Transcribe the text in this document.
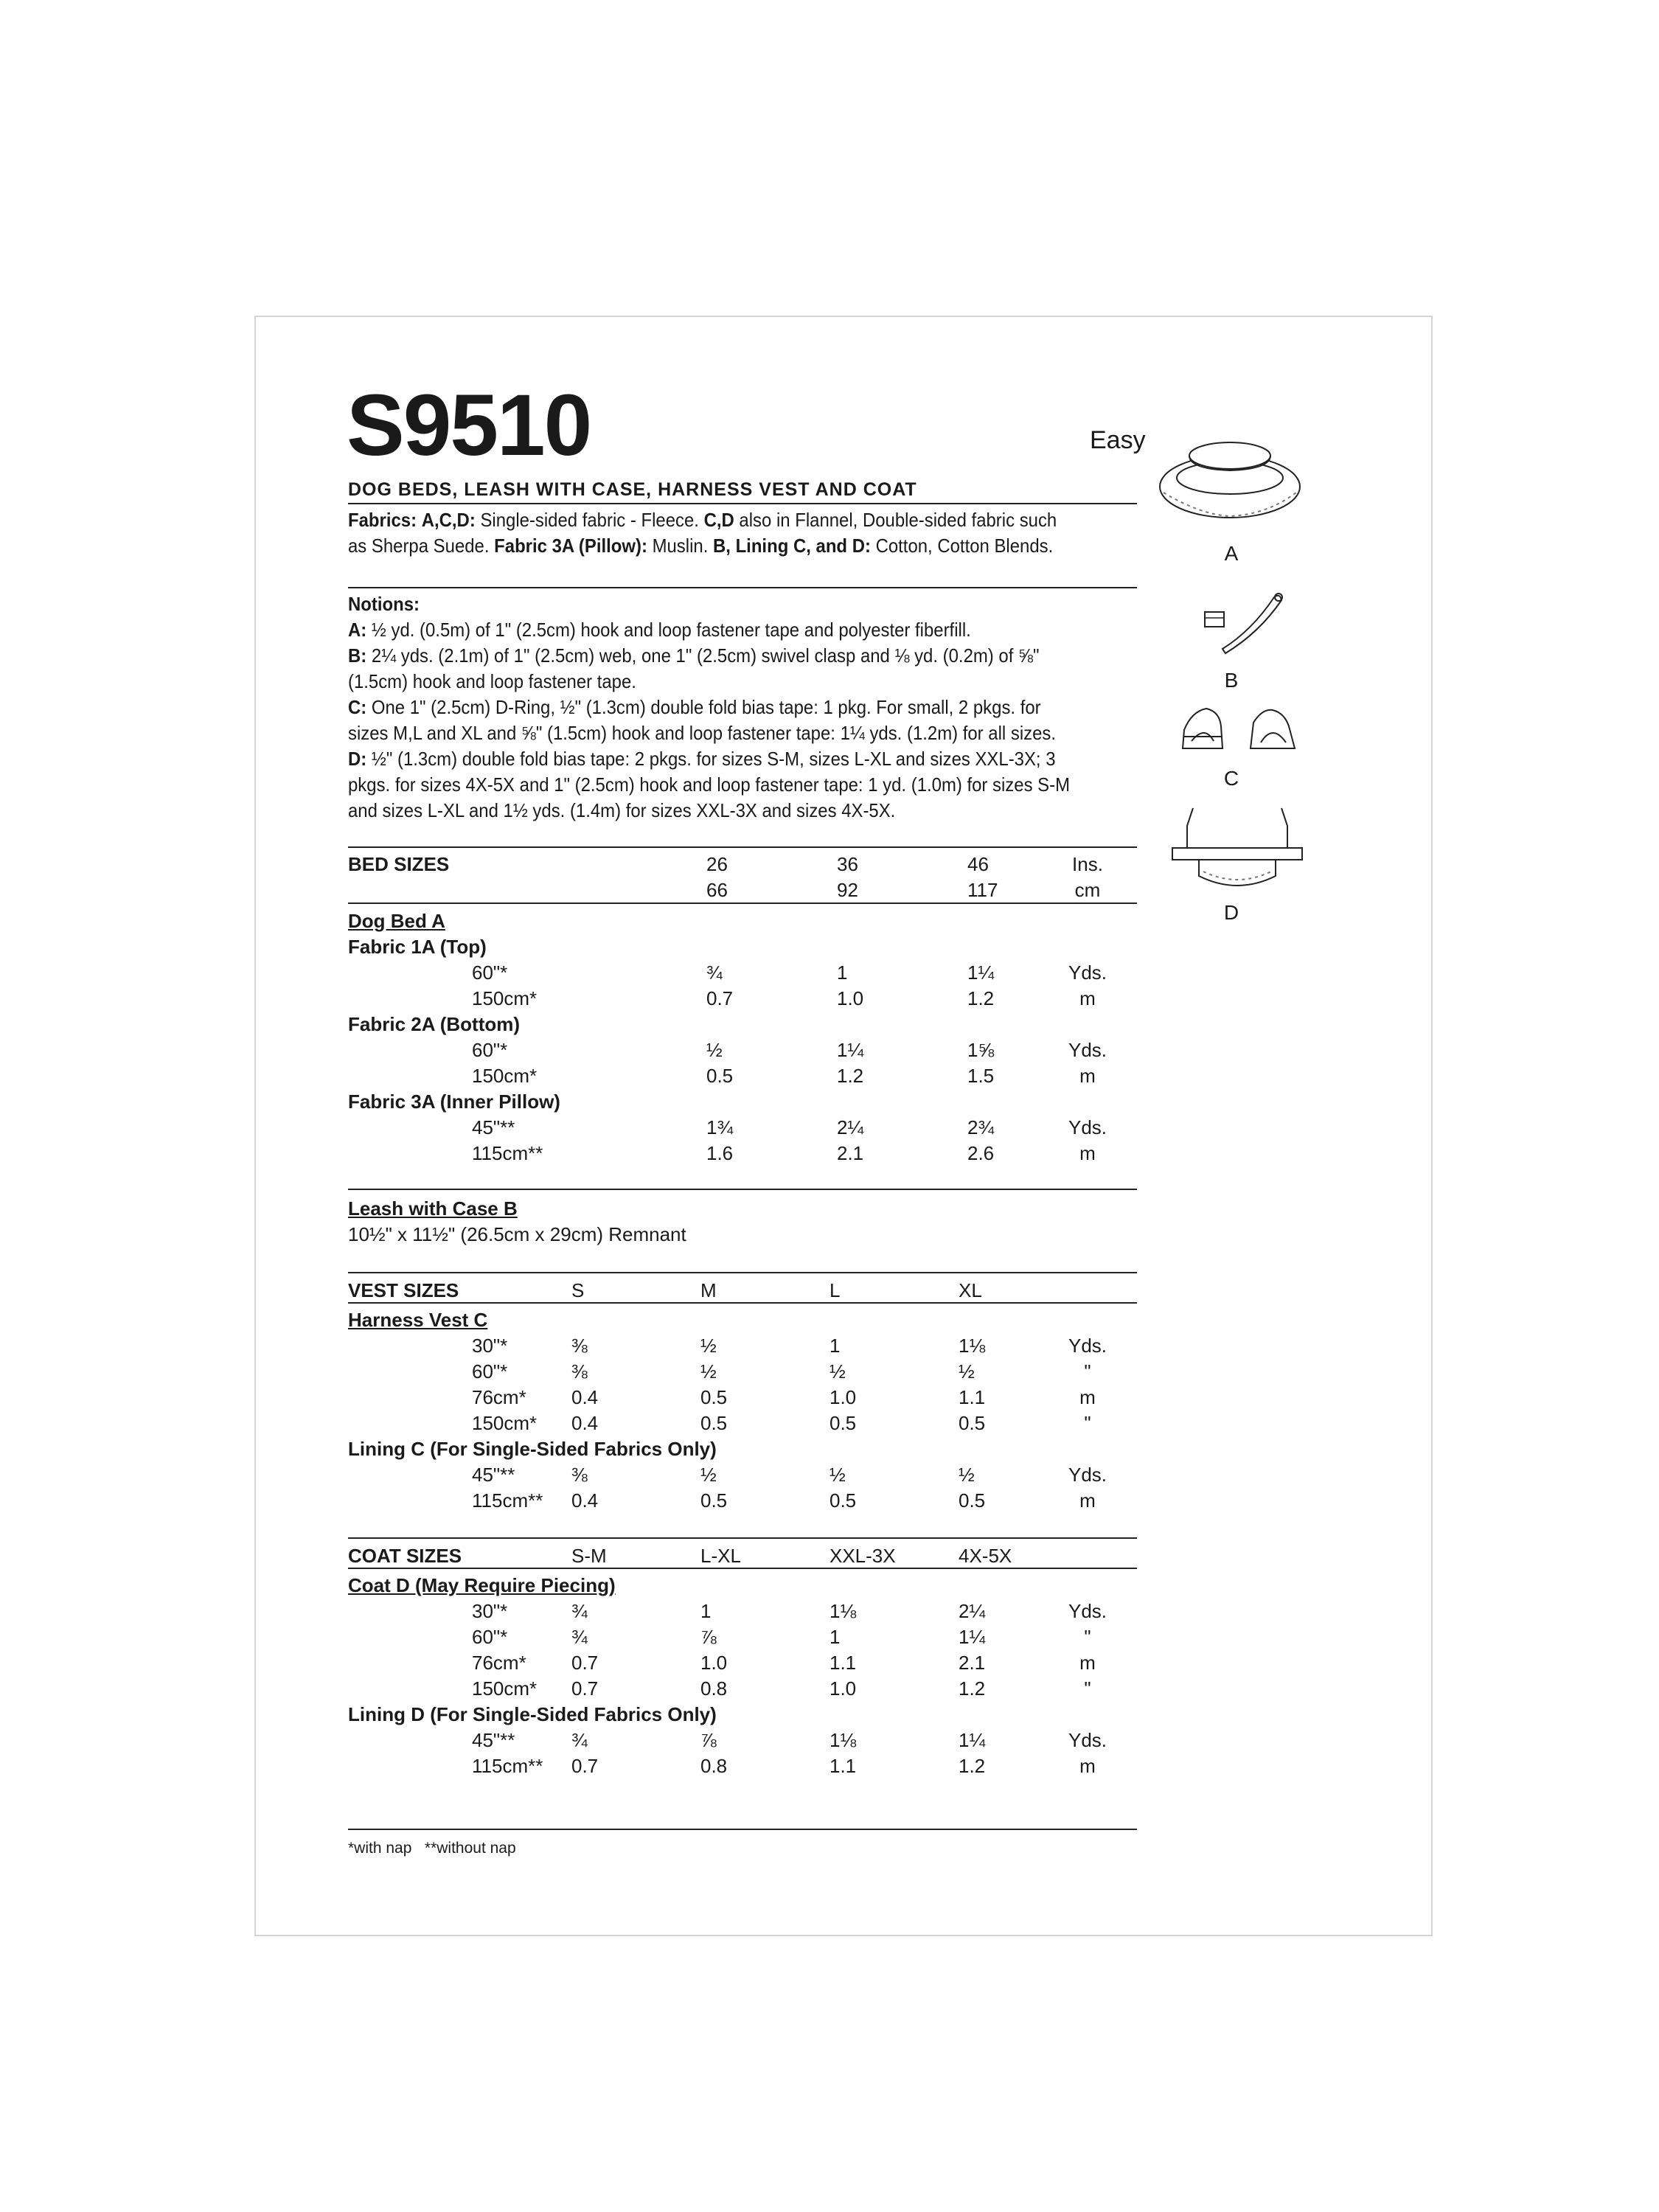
S9510	Easy
DOG BEDS, LEASH WITH CASE, HARNESS VEST AND COAT
Fabrics: A,C,D: Single-sided fabric - Fleece. C,D also in Flannel, Double-sided fabric such as Sherpa Suede. Fabric 3A (Pillow): Muslin. B, Lining C, and D: Cotton, Cotton Blends.
Notions:
A: ½ yd. (0.5m) of 1" (2.5cm) hook and loop fastener tape and polyester fiberfill.
B: 2¼ yds. (2.1m) of 1" (2.5cm) web, one 1" (2.5cm) swivel clasp and ⅛ yd. (0.2m) of ⅝" (1.5cm) hook and loop fastener tape.
C: One 1" (2.5cm) D-Ring, ½" (1.3cm) double fold bias tape: 1 pkg. For small, 2 pkgs. for sizes M,L and XL and ⅝" (1.5cm) hook and loop fastener tape: 1¼ yds. (1.2m) for all sizes.
D: ½" (1.3cm) double fold bias tape: 2 pkgs. for sizes S-M, sizes L-XL and sizes XXL-3X; 3 pkgs. for sizes 4X-5X and 1" (2.5cm) hook and loop fastener tape: 1 yd. (1.0m) for sizes S-M and sizes L-XL and 1½ yds. (1.4m) for sizes XXL-3X and sizes 4X-5X.
BED SIZES	26	36	46	Ins.
66	92	117	cm
Dog Bed A
Fabric 1A (Top)
60"*	¾	1	1¼	Yds.
150cm*	0.7	1.0	1.2	m
Fabric 2A (Bottom)
60"*	½	1¼	1⅝	Yds.
150cm*	0.5	1.2	1.5	m
Fabric 3A (Inner Pillow)
45"**	1¾	2¼	2¾	Yds.
115cm**	1.6	2.1	2.6	m
Leash with Case B
10½" x 11½" (26.5cm x 29cm) Remnant
VEST SIZES	S	M	L	XL
Harness Vest C
30"*	⅜	½	1	1⅛	Yds.
60"*	⅜	½	½	½	"
76cm* 0.4	0.5	1.0	1.1	m
150cm* 0.4	0.5	0.5	0.5	"
Lining C (For Single-Sided Fabrics Only)
45"**	⅜	½	½	½	Yds.
115cm** 0.4	0.5	0.5	0.5	m
COAT SIZES	S-M	L-XL	XXL-3X	4X-5X
Coat D (May Require Piecing)
30"*	¾	1	1⅛	2¼	Yds.
60"*	¾	⅞	1	1¼	"
76cm* 0.7	1.0	1.1	2.1	m
150cm* 0.7	0.8	1.0	1.2	"
Lining D (For Single-Sided Fabrics Only)
45"**	¾	⅞	1⅛	1¼	Yds.
115cm** 0.7	0.8	1.1	1.2	m
*with nap   **without nap
A
B
C
D
